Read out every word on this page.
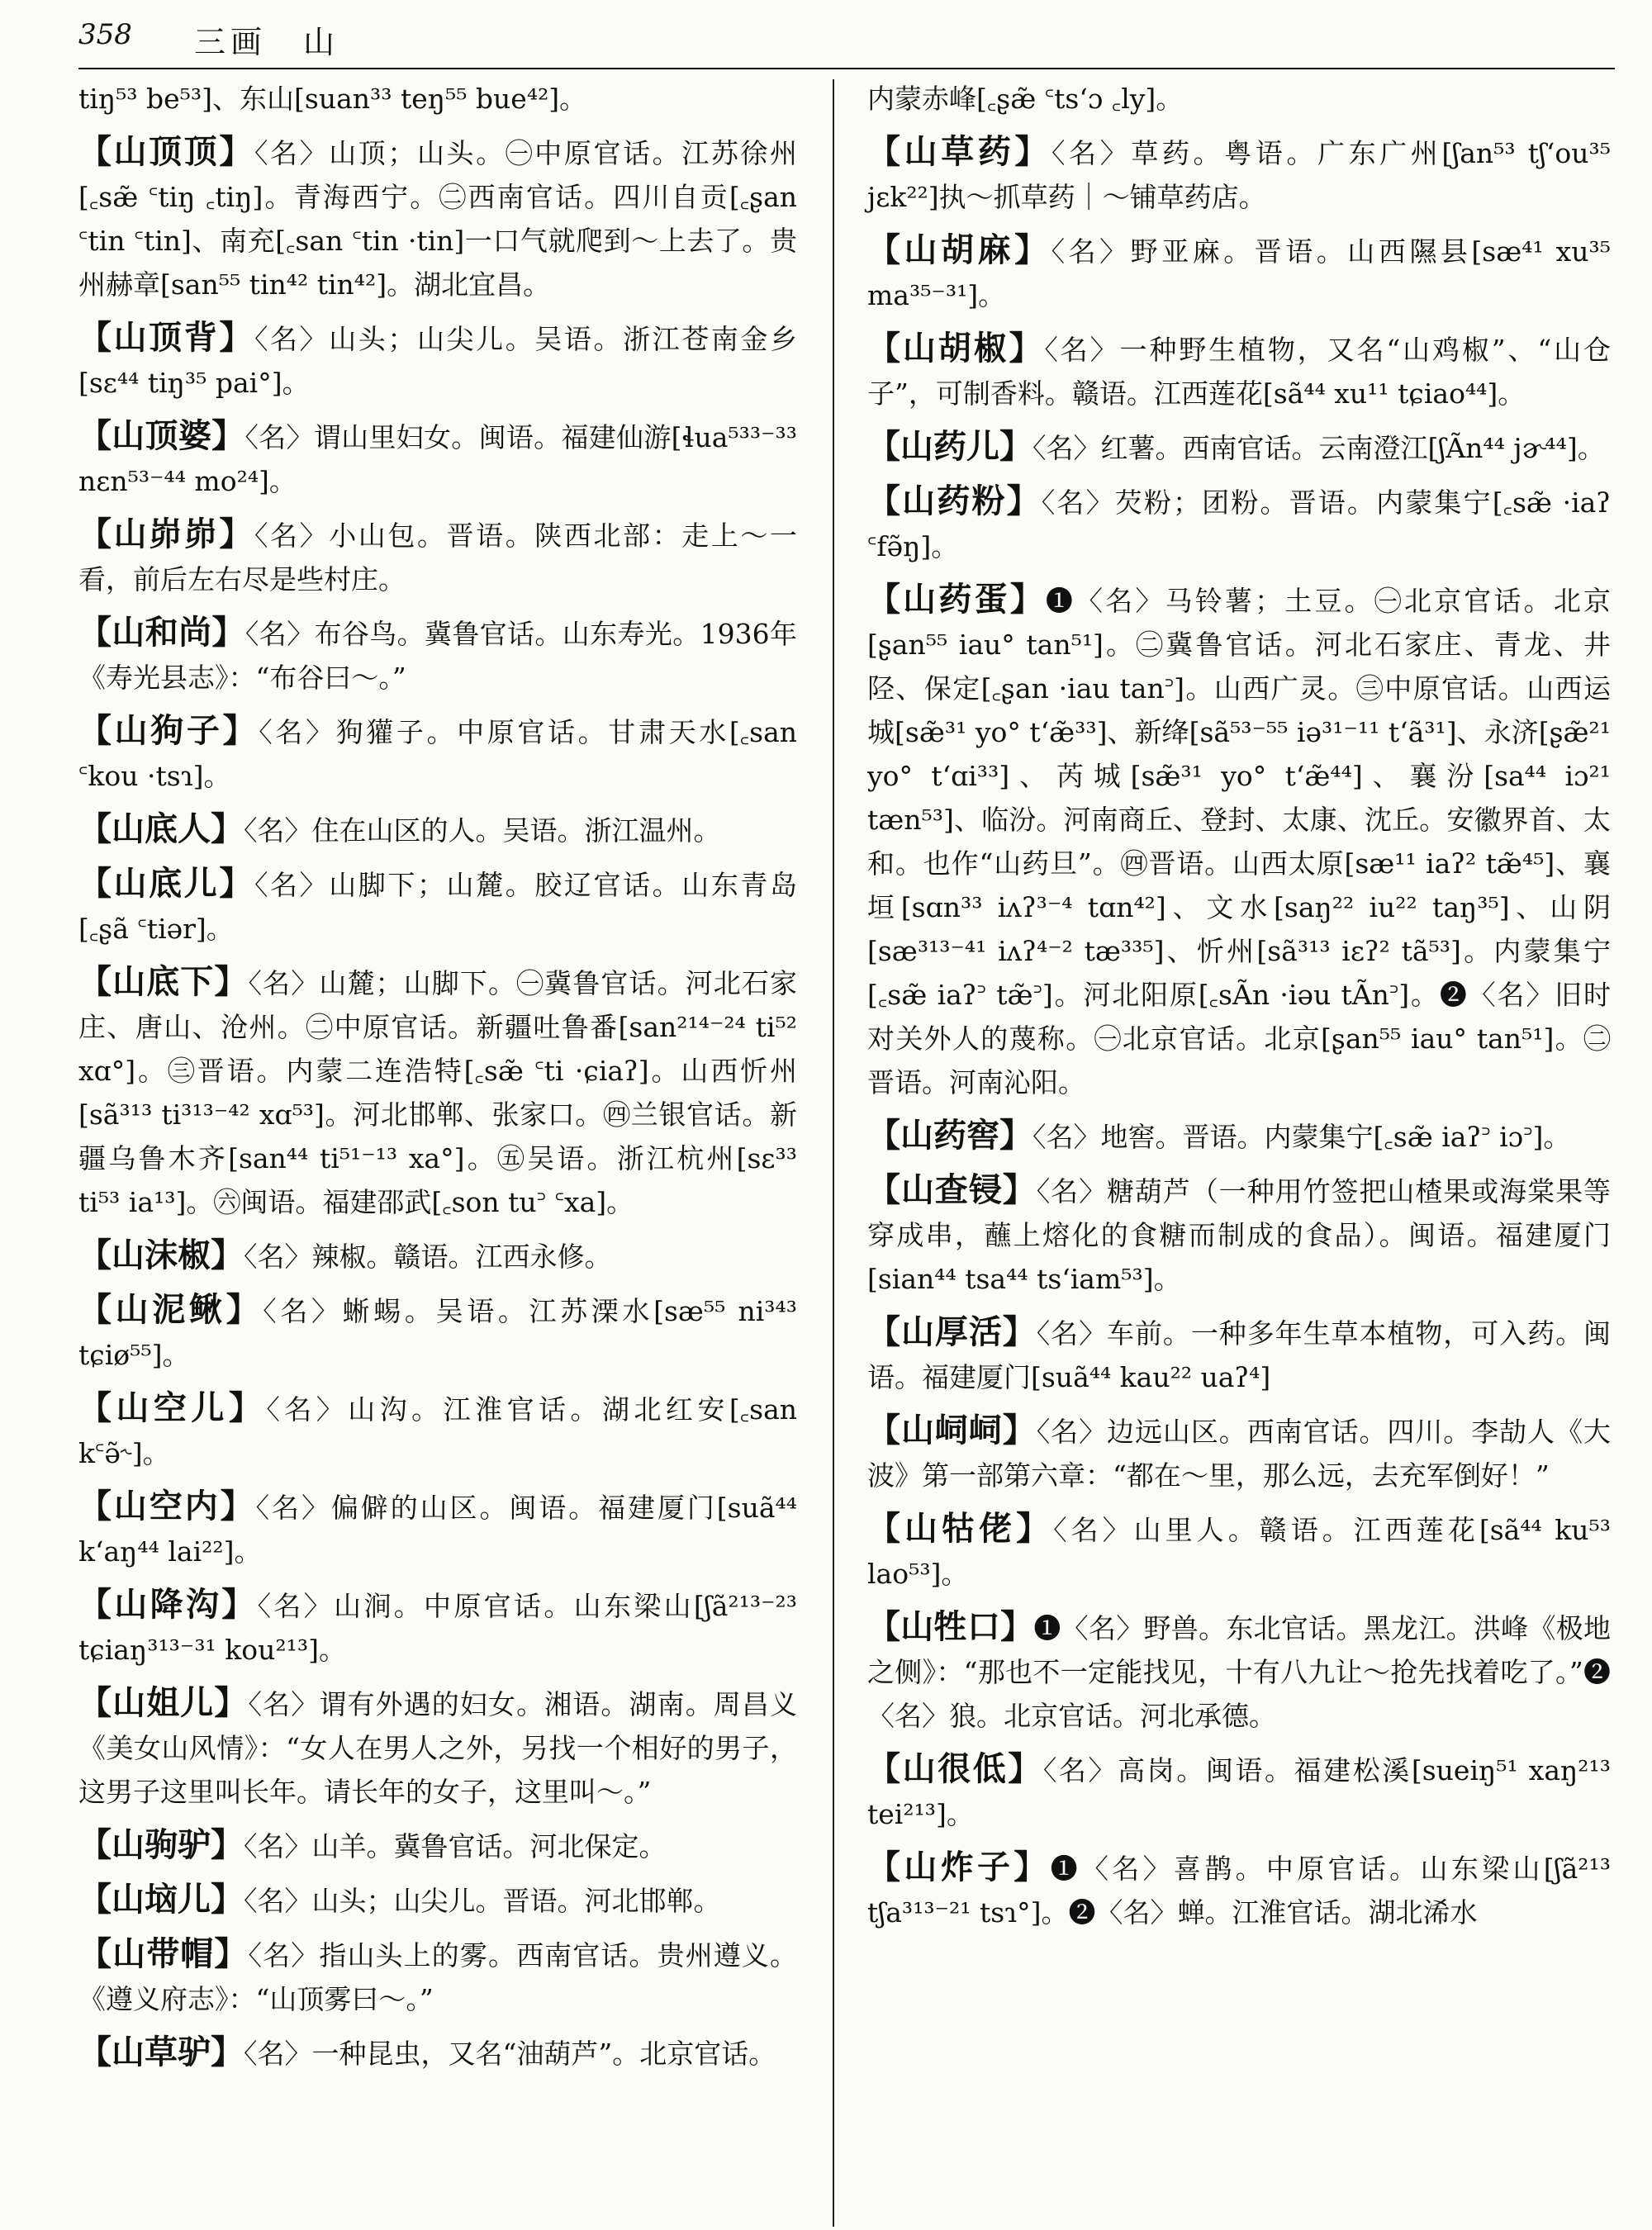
358 三画　山

tiŋ⁵³ be⁵³]、东山[suan³³ teŋ⁵⁵ bue⁴²]。

【山顶顶】〈名〉山顶；山头。㊀中原官话。江苏徐州[꜀sæ̃ ꜂tiŋ ꜀tiŋ]。青海西宁。㊁西南官话。四川自贡[꜀ʂan ꜂tin ꜂tin]、南充[꜀san ꜂tin ·tin]一口气就爬到～上去了。贵州赫章[san⁵⁵ tin⁴² tin⁴²]。湖北宜昌。

【山顶背】〈名〉山头；山尖儿。吴语。浙江苍南金乡[sɛ⁴⁴ tiŋ³⁵ pai°]。

【山顶婆】〈名〉谓山里妇女。闽语。福建仙游[ɬua⁵³³⁻³³ nɛn⁵³⁻⁴⁴ mo²⁴]。

【山峁峁】〈名〉小山包。晋语。陕西北部：走上～一看，前后左右尽是些村庄。

【山和尚】〈名〉布谷鸟。冀鲁官话。山东寿光。1936年《寿光县志》：“布谷曰～。”

【山狗子】〈名〉狗獾子。中原官话。甘肃天水[꜀san ꜂kou ·tsɿ]。

【山底人】〈名〉住在山区的人。吴语。浙江温州。

【山底儿】〈名〉山脚下；山麓。胶辽官话。山东青岛[꜀ʂã ꜂tiər]。

【山底下】〈名〉山麓；山脚下。㊀冀鲁官话。河北石家庄、唐山、沧州。㊁中原官话。新疆吐鲁番[san²¹⁴⁻²⁴ ti⁵² xɑ°]。㊂晋语。内蒙二连浩特[꜀sæ̃ ꜂ti ·ɕiaʔ]。山西忻州[sã³¹³ ti³¹³⁻⁴² xɑ⁵³]。河北邯郸、张家口。㊃兰银官话。新疆乌鲁木齐[san⁴⁴ ti⁵¹⁻¹³ xa°]。㊄吴语。浙江杭州[sɛ³³ ti⁵³ ia¹³]。㊅闽语。福建邵武[꜀son tu꜄ ꜂xa]。

【山沫椒】〈名〉辣椒。赣语。江西永修。

【山泥鳅】〈名〉蜥蜴。吴语。江苏溧水[sæ⁵⁵ ni³⁴³ tɕiø⁵⁵]。

【山空儿】〈名〉山沟。江淮官话。湖北红安[꜀san k꜂ə̃˞]。

【山空内】〈名〉偏僻的山区。闽语。福建厦门[suã⁴⁴ kʻaŋ⁴⁴ lai²²]。

【山降沟】〈名〉山涧。中原官话。山东梁山[ʃã²¹³⁻²³ tɕiaŋ³¹³⁻³¹ kou²¹³]。

【山姐儿】〈名〉谓有外遇的妇女。湘语。湖南。周昌义《美女山风情》：“女人在男人之外，另找一个相好的男子，这男子这里叫长年。请长年的女子，这里叫～。”

【山驹驴】〈名〉山羊。冀鲁官话。河北保定。

【山垴儿】〈名〉山头；山尖儿。晋语。河北邯郸。

【山带帽】〈名〉指山头上的雾。西南官话。贵州遵义。《遵义府志》：“山顶雾曰～。”

【山草驴】〈名〉一种昆虫，又名“油葫芦”。北京官话。

内蒙赤峰[꜀ʂæ̃ ꜂tsʻɔ ꜀ly]。

【山草药】〈名〉草药。粤语。广东广州[ʃan⁵³ tʃʻou³⁵ jɛk²²]执～抓草药｜～铺草药店。

【山胡麻】〈名〉野亚麻。晋语。山西隰县[sæ⁴¹ xu³⁵ ma³⁵⁻³¹]。

【山胡椒】〈名〉一种野生植物，又名“山鸡椒”、“山仓子”，可制香料。赣语。江西莲花[sã⁴⁴ xu¹¹ tɕiao⁴⁴]。

【山药儿】〈名〉红薯。西南官话。云南澄江[ʃÃn⁴⁴ jɚ⁴⁴]。

【山药粉】〈名〉芡粉；团粉。晋语。内蒙集宁[꜀sæ̃ ·iaʔ ꜂fə̃ŋ]。

【山药蛋】❶〈名〉马铃薯；土豆。㊀北京官话。北京[ʂan⁵⁵ iau° tan⁵¹]。㊁冀鲁官话。河北石家庄、青龙、井陉、保定[꜀ʂan ·iau tan꜄]。山西广灵。㊂中原官话。山西运城[sæ̃³¹ yo° tʻæ̃³³]、新绛[sã⁵³⁻⁵⁵ iə³¹⁻¹¹ tʻã³¹]、永济[ʂæ̃²¹ yo° tʻɑi³³]、芮城[sæ̃³¹ yo° tʻæ̃⁴⁴]、襄汾[sa⁴⁴ iɔ²¹ tæn⁵³]、临汾。河南商丘、登封、太康、沈丘。安徽界首、太和。也作“山药旦”。㊃晋语。山西太原[sæ¹¹ iaʔ² tæ̃⁴⁵]、襄垣[sɑn³³ iʌʔ³⁻⁴ tɑn⁴²]、文水[saŋ²² iu²² taŋ³⁵]、山阴[sæ³¹³⁻⁴¹ iʌʔ⁴⁻² tæ³³⁵]、忻州[sã³¹³ iɛʔ² tã⁵³]。内蒙集宁[꜀sæ̃ iaʔ꜄ tæ̃꜄]。河北阳原[꜀sÃn ·iəu tÃn꜄]。❷〈名〉旧时对关外人的蔑称。㊀北京官话。北京[ʂan⁵⁵ iau° tan⁵¹]。㊁晋语。河南沁阳。

【山药窖】〈名〉地窖。晋语。内蒙集宁[꜀sæ̃ iaʔ꜄ iɔ꜄]。

【山查锓】〈名〉糖葫芦（一种用竹签把山楂果或海棠果等穿成串，蘸上熔化的食糖而制成的食品）。闽语。福建厦门[sian⁴⁴ tsa⁴⁴ tsʻiam⁵³]。

【山厚活】〈名〉车前。一种多年生草本植物，可入药。闽语。福建厦门[suã⁴⁴ kau²² uaʔ⁴]

【山㟃㟃】〈名〉边远山区。西南官话。四川。李劼人《大波》第一部第六章：“都在～里，那么远，去充军倒好！”

【山牯佬】〈名〉山里人。赣语。江西莲花[sã⁴⁴ ku⁵³ lao⁵³]。

【山牲口】❶〈名〉野兽。东北官话。黑龙江。洪峰《极地之侧》：“那也不一定能找见，十有八九让～抢先找着吃了。”❷〈名〉狼。北京官话。河北承德。

【山很低】〈名〉高岗。闽语。福建松溪[sueiŋ⁵¹ xaŋ²¹³ tei²¹³]。

【山炸子】❶〈名〉喜鹊。中原官话。山东梁山[ʃã²¹³ tʃa³¹³⁻²¹ tsɿ°]。❷〈名〉蝉。江淮官话。湖北浠水
